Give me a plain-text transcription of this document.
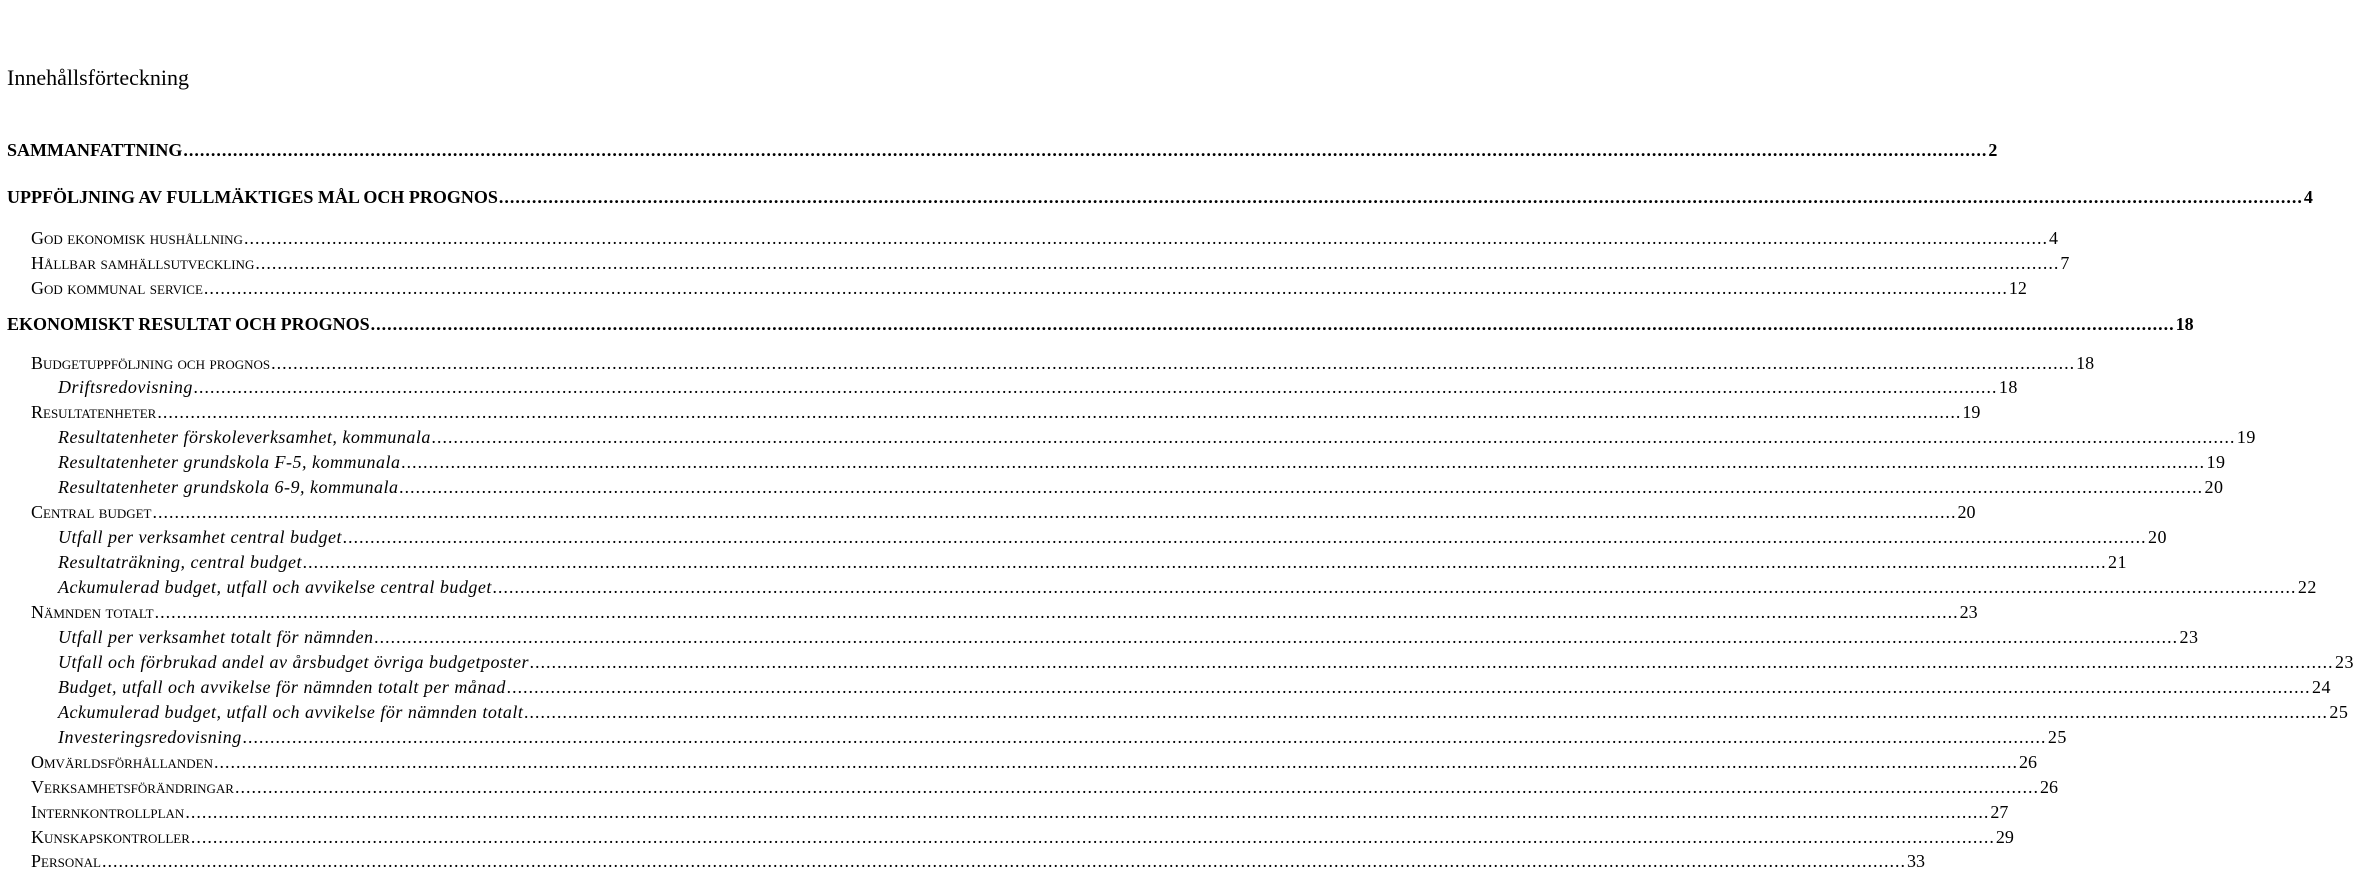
Innehållsförteckning
SAMMANFATTNING .....	2
UPPFÖLJNING AV FULLMÄKTIGES MÅL OCH PROGNOS .....	4
God ekonomisk hushållning .....	4
Hållbar samhällsutveckling .....	7
God kommunal service .....	12
EKONOMISKT RESULTAT OCH PROGNOS .....	18
Budgetuppföljning och prognos .....	18
Driftsredovisning .....	18
Resultatenheter .....	19
Resultatenheter förskoleverksamhet, kommunala .....	19
Resultatenheter grundskola F-5, kommunala .....	19
Resultatenheter grundskola 6-9, kommunala .....	20
Central budget .....	20
Utfall per verksamhet central budget .....	20
Resultaträkning, central budget .....	21
Ackumulerad budget, utfall och avvikelse central budget .....	22
Nämnden totalt .....	23
Utfall per verksamhet totalt för nämnden .....	23
Utfall och förbrukad andel av årsbudget övriga budgetposter .....	23
Budget, utfall och avvikelse för nämnden totalt per månad .....	24
Ackumulerad budget, utfall och avvikelse för nämnden totalt .....	25
Investeringsredovisning .....	25
Omvärldsförhållanden .....	26
Verksamhetsförändringar .....	26
Internkontrollplan .....	27
Kunskapskontroller .....	29
Personal .....	33
